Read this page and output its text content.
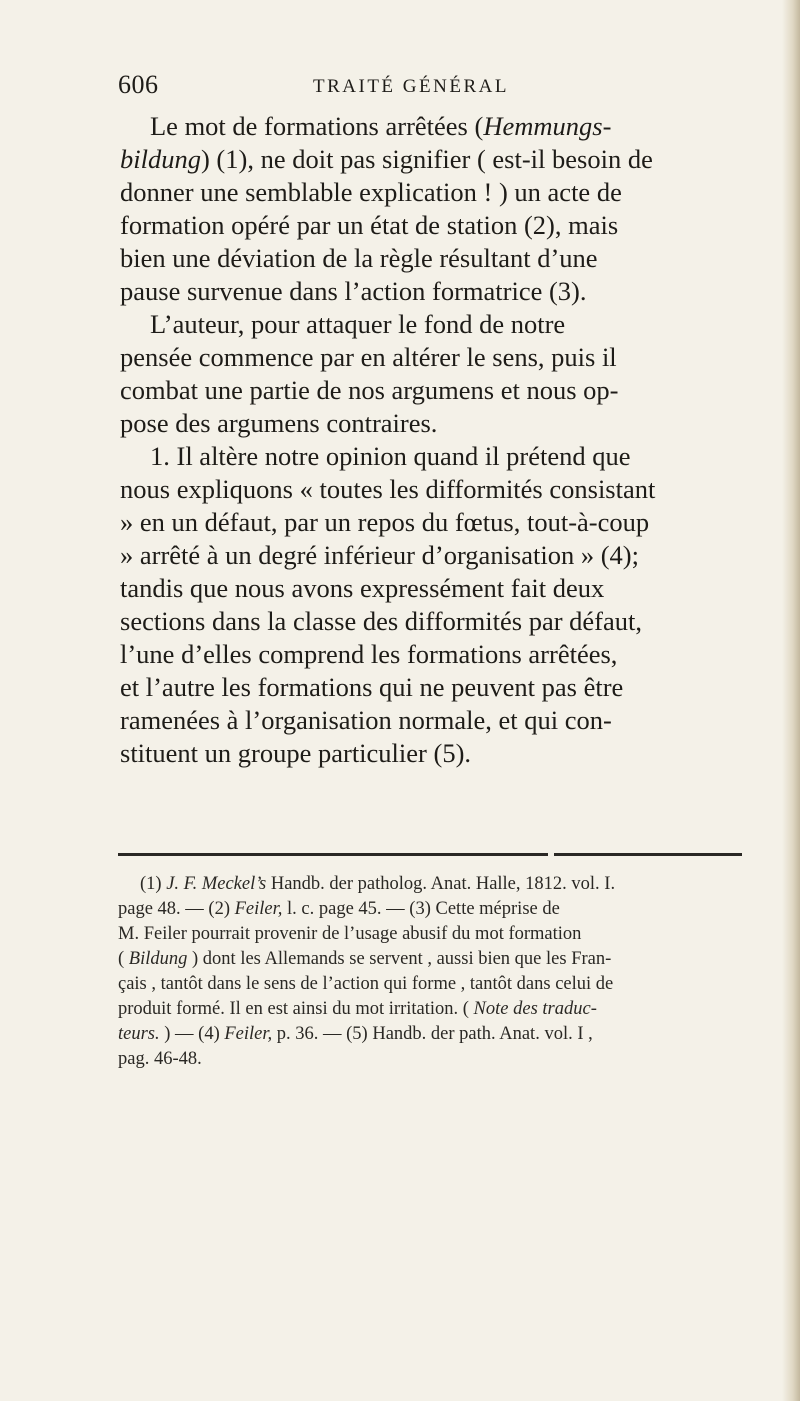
606	TRAITÉ GÉNÉRAL
Le mot de formations arrêtées (Hemmungs-
bildung) (1), ne doit pas signifier ( est-il besoin de
donner une semblable explication ! ) un acte de
formation opéré par un état de station (2), mais
bien une déviation de la règle résultant d’une
pause survenue dans l’action formatrice (3).
L’auteur, pour attaquer le fond de notre
pensée commence par en altérer le sens, puis il
combat une partie de nos argumens et nous op-
pose des argumens contraires.
1. Il altère notre opinion quand il prétend que
nous expliquons « toutes les difformités consistant
» en un défaut, par un repos du fœtus, tout-à-coup
» arrêté à un degré inférieur d’organisation » (4);
tandis que nous avons expressément fait deux
sections dans la classe des difformités par défaut,
l’une d’elles comprend les formations arrêtées,
et l’autre les formations qui ne peuvent pas être
ramenées à l’organisation normale, et qui con-
stituent un groupe particulier (5).
(1) J. F. Meckel’s Handb. der patholog. Anat. Halle, 1812. vol. I.
page 48. — (2) Feiler, l. c. page 45. — (3) Cette méprise de
M. Feiler pourrait provenir de l’usage abusif du mot formation
( Bildung ) dont les Allemands se servent , aussi bien que les Fran-
çais , tantôt dans le sens de l’action qui forme , tantôt dans celui de
produit formé. Il en est ainsi du mot irritation. ( Note des traduc-
teurs. ) — (4) Feiler, p. 36. — (5) Handb. der path. Anat. vol. I ,
pag. 46-48.
